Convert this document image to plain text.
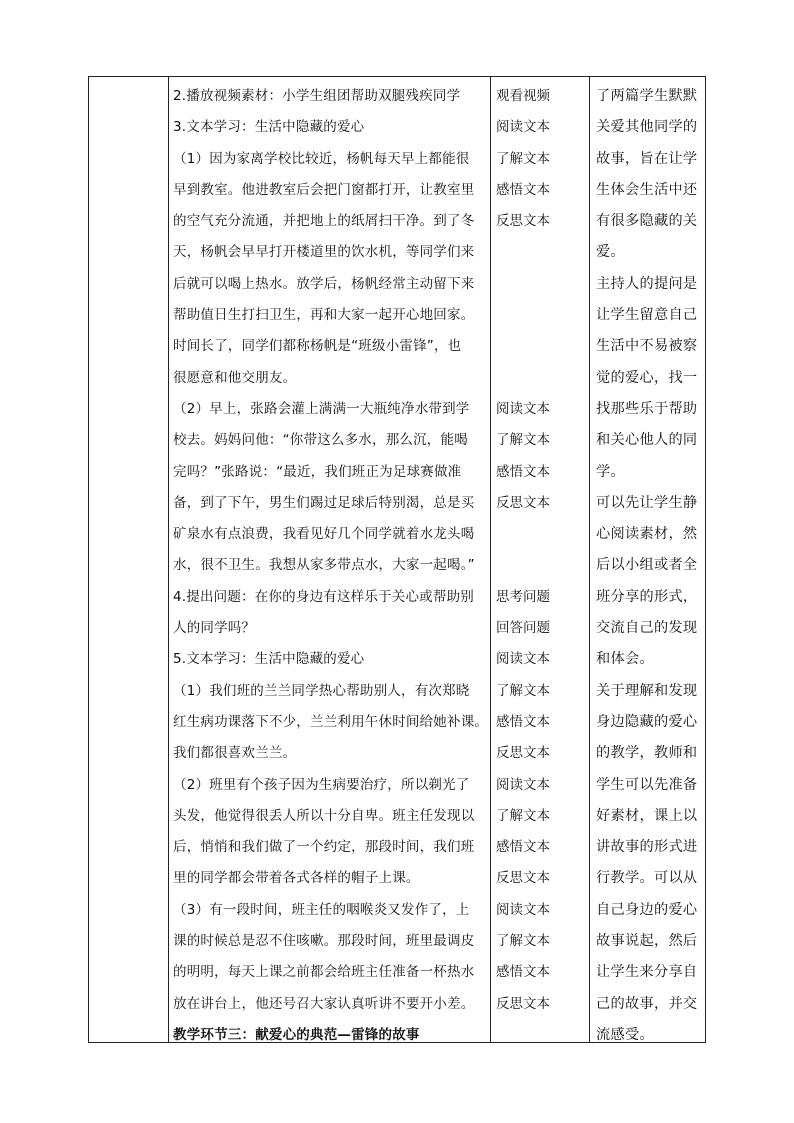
2.播放视频素材：小学生组团帮助双腿残疾同学
3.文本学习：生活中隐藏的爱心
（1）因为家离学校比较近，杨帆每天早上都能很
早到教室。他进教室后会把门窗都打开，让教室里
的空气充分流通，并把地上的纸屑扫干净。到了冬
天，杨帆会早早打开楼道里的饮水机，等同学们来
后就可以喝上热水。放学后，杨帆经常主动留下来
帮助值日生打扫卫生，再和大家一起开心地回家。
时间长了，同学们都称杨帆是“班级小雷锋”，也
很愿意和他交朋友。
（2）早上，张路会灌上满满一大瓶纯净水带到学
校去。妈妈问他：“你带这么多水，那么沉，能喝
完吗？”张路说：“最近，我们班正为足球赛做准
备，到了下午，男生们踢过足球后特别渴，总是买
矿泉水有点浪费，我看见好几个同学就着水龙头喝
水，很不卫生。我想从家多带点水，大家一起喝。”
4.提出问题：在你的身边有这样乐于关心或帮助别
人的同学吗？
5.文本学习：生活中隐藏的爱心
（1）我们班的兰兰同学热心帮助别人，有次郑晓
红生病功课落下不少，兰兰利用午休时间给她补课。
我们都很喜欢兰兰。
（2）班里有个孩子因为生病要治疗，所以剃光了
头发，他觉得很丢人所以十分自卑。班主任发现以
后，悄悄和我们做了一个约定，那段时间，我们班
里的同学都会带着各式各样的帽子上课。
（3）有一段时间，班主任的咽喉炎又发作了，上
课的时候总是忍不住咳嗽。那段时间，班里最调皮
的明明，每天上课之前都会给班主任准备一杯热水
放在讲台上，他还号召大家认真听讲不要开小差。
教学环节三：献爱心的典范—雷锋的故事
观看视频
阅读文本
了解文本
感悟文本
反思文本
阅读文本
了解文本
感悟文本
反思文本
思考问题
回答问题
阅读文本
了解文本
感悟文本
反思文本
阅读文本
了解文本
感悟文本
反思文本
阅读文本
了解文本
感悟文本
反思文本
了两篇学生默默
关爱其他同学的
故事，旨在让学
生体会生活中还
有很多隐藏的关
爱。
主持人的提问是
让学生留意自己
生活中不易被察
觉的爱心，找一
找那些乐于帮助
和关心他人的同
学。
可以先让学生静
心阅读素材，然
后以小组或者全
班分享的形式，
交流自己的发现
和体会。
关于理解和发现
身边隐藏的爱心
的教学，教师和
学生可以先准备
好素材，课上以
讲故事的形式进
行教学。可以从
自己身边的爱心
故事说起，然后
让学生来分享自
己的故事，并交
流感受。
